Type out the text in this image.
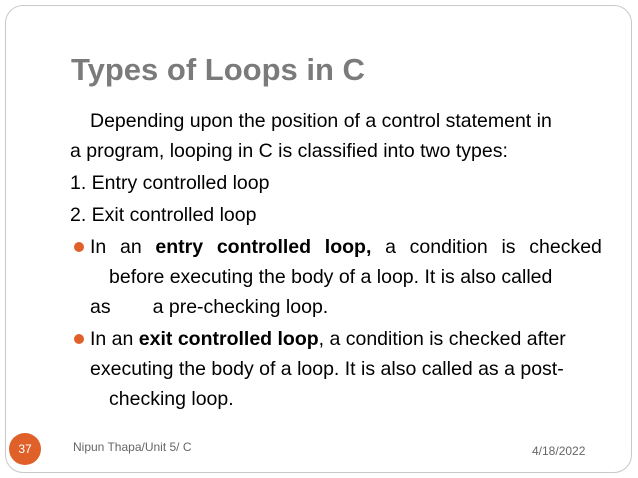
Types of Loops in C

Depending upon the position of a control statement in

a program, looping in C is classified into two types:

1. Entry controlled loop

2. Exit controlled loop

In an entry controlled loop, a condition is checked
before executing the body of a loop. It is also called
as a pre-checking loop.
In an exit controlled loop, a condition is checked after
executing the body of a loop. It is also called as a post-
checking loop.
37	Nipun Thapa/Unit 5/ C	4/18/2022
